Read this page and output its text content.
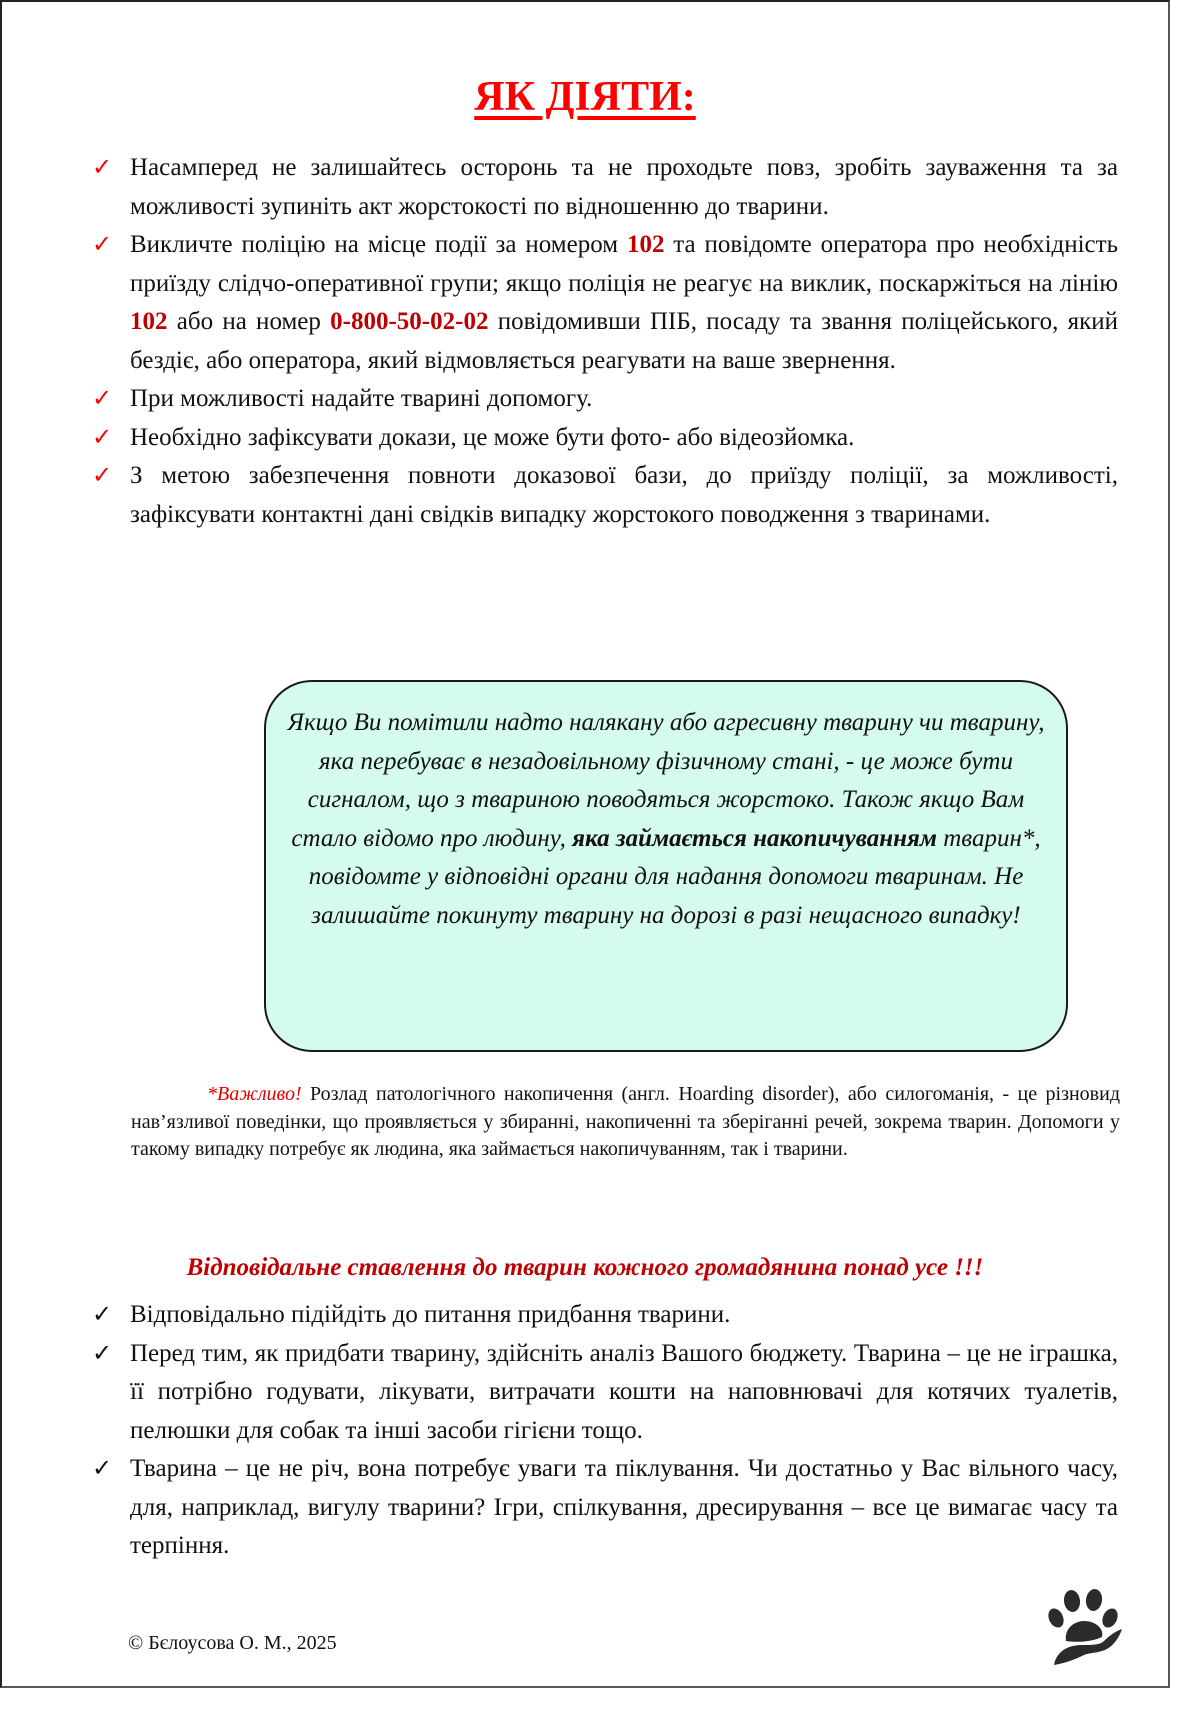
ЯК ДІЯТИ:
✓ Насамперед не залишайтесь осторонь та не проходьте повз, зробіть зауваження та за можливості зупиніть акт жорстокості по відношенню до тварини.
✓ Викличте поліцію на місце події за номером 102 та повідомте оператора про необхідність приїзду слідчо-оперативної групи; якщо поліція не реагує на виклик, поскаржіться на лінію 102 або на номер 0-800-50-02-02 повідомивши ПІБ, посаду та звання поліцейського, який бездіє, або оператора, який відмовляється реагувати на ваше звернення.
✓ При можливості надайте тварині допомогу.
✓ Необхідно зафіксувати докази, це може бути фото- або відеозйомка.
✓ З метою забезпечення повноти доказової бази, до приїзду поліції, за можливості, зафіксувати контактні дані свідків випадку жорстокого поводження з тваринами.
Якщо Ви помітили надто налякану або агресивну тварину чи тварину, яка перебуває в незадовільному фізичному стані, - це може бути сигналом, що з твариною поводяться жорстоко. Також якщо Вам стало відомо про людину, яка займається накопичуванням тварин*, повідомте у відповідні органи для надання допомоги тваринам. Не залишайте покинуту тварину на дорозі в разі нещасного випадку!

*Важливо! Розлад патологічного накопичення (англ. Hoarding disorder), або силогоманія, - це різновид нав’язливої поведінки, що проявляється у збиранні, накопиченні та зберіганні речей, зокрема тварин. Допомоги у такому випадку потребує як людина, яка займається накопичуванням, так і тварини.

Відповідальне ставлення до тварин кожного громадянина понад усе !!!

✓ Відповідально підійдіть до питання придбання тварини.
✓ Перед тим, як придбати тварину, здійсніть аналіз Вашого бюджету. Тварина – це не іграшка, її потрібно годувати, лікувати, витрачати кошти на наповнювачі для котячих туалетів, пелюшки для собак та інші засоби гігієни тощо.
✓ Тварина – це не річ, вона потребує уваги та піклування. Чи достатньо у Вас вільного часу, для, наприклад, вигулу тварини? Ігри, спілкування, дресирування – все це вимагає часу та терпіння.

© Бєлоусова О. М., 2025
